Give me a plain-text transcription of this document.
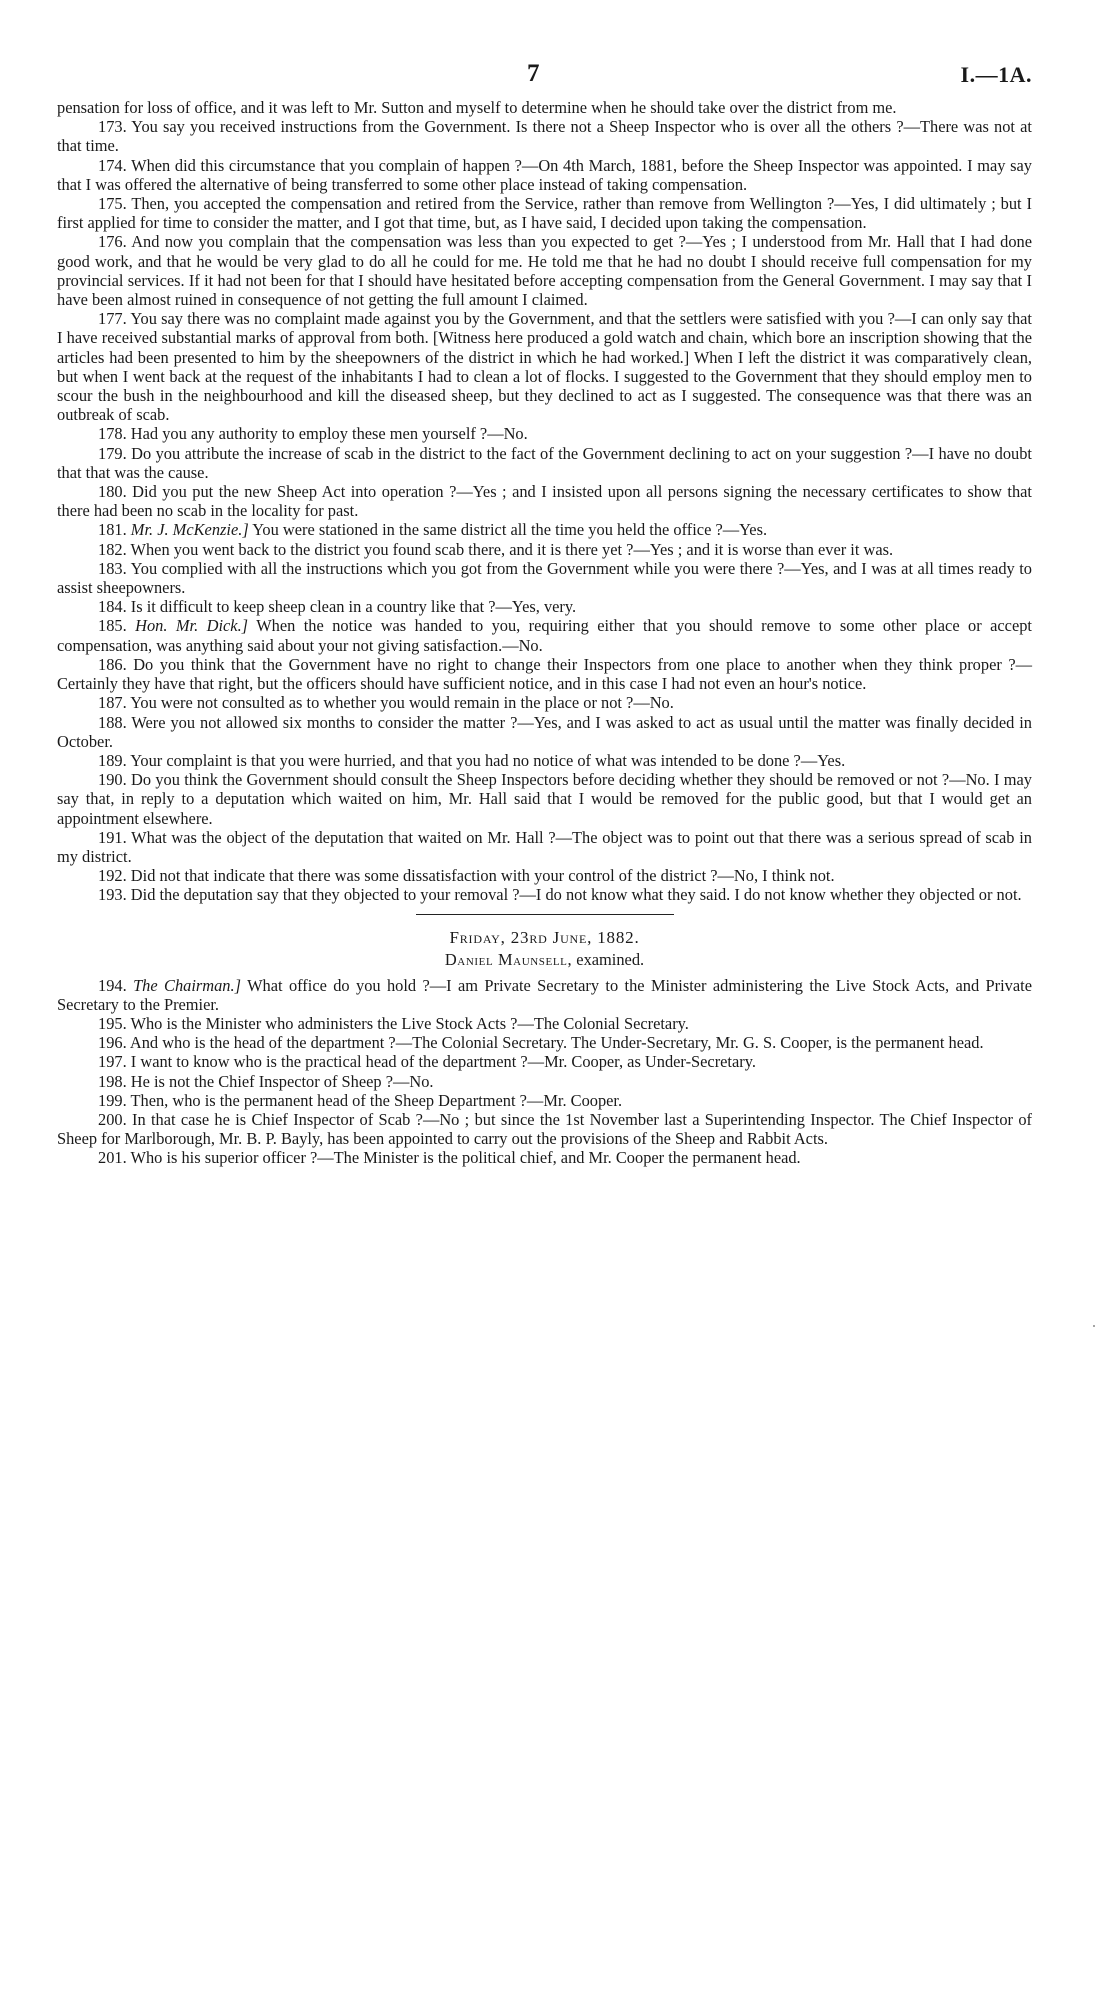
7	I.—1A.

pensation for loss of office, and it was left to Mr. Sutton and myself to determine when he should take over the district from me.

173. You say you received instructions from the Government. Is there not a Sheep Inspector who is over all the others ?—There was not at that time.

174. When did this circumstance that you complain of happen ?—On 4th March, 1881, before the Sheep Inspector was appointed. I may say that I was offered the alternative of being transferred to some other place instead of taking compensation.

175. Then, you accepted the compensation and retired from the Service, rather than remove from Wellington ?—Yes, I did ultimately ; but I first applied for time to consider the matter, and I got that time, but, as I have said, I decided upon taking the compensation.

176. And now you complain that the compensation was less than you expected to get ?—Yes ; I understood from Mr. Hall that I had done good work, and that he would be very glad to do all he could for me. He told me that he had no doubt I should receive full compensation for my provincial services. If it had not been for that I should have hesitated before accepting compensation from the General Government. I may say that I have been almost ruined in consequence of not getting the full amount I claimed.

177. You say there was no complaint made against you by the Government, and that the settlers were satisfied with you ?—I can only say that I have received substantial marks of approval from both. [Witness here produced a gold watch and chain, which bore an inscription showing that the articles had been presented to him by the sheepowners of the district in which he had worked.] When I left the district it was comparatively clean, but when I went back at the request of the inhabitants I had to clean a lot of flocks. I suggested to the Government that they should employ men to scour the bush in the neighbourhood and kill the diseased sheep, but they declined to act as I suggested. The consequence was that there was an outbreak of scab.

178. Had you any authority to employ these men yourself ?—No.

179. Do you attribute the increase of scab in the district to the fact of the Government declining to act on your suggestion ?—I have no doubt that that was the cause.

180. Did you put the new Sheep Act into operation ?—Yes ; and I insisted upon all persons signing the necessary certificates to show that there had been no scab in the locality for past.

181. Mr. J. McKenzie.] You were stationed in the same district all the time you held the office ?—Yes.

182. When you went back to the district you found scab there, and it is there yet ?—Yes ; and it is worse than ever it was.

183. You complied with all the instructions which you got from the Government while you were there ?—Yes, and I was at all times ready to assist sheepowners.

184. Is it difficult to keep sheep clean in a country like that ?—Yes, very.

185. Hon. Mr. Dick.] When the notice was handed to you, requiring either that you should remove to some other place or accept compensation, was anything said about your not giving satisfaction.—No.

186. Do you think that the Government have no right to change their Inspectors from one place to another when they think proper ?—Certainly they have that right, but the officers should have sufficient notice, and in this case I had not even an hour's notice.

187. You were not consulted as to whether you would remain in the place or not ?—No.

188. Were you not allowed six months to consider the matter ?—Yes, and I was asked to act as usual until the matter was finally decided in October.

189. Your complaint is that you were hurried, and that you had no notice of what was intended to be done ?—Yes.

190. Do you think the Government should consult the Sheep Inspectors before deciding whether they should be removed or not ?—No. I may say that, in reply to a deputation which waited on him, Mr. Hall said that I would be removed for the public good, but that I would get an appointment elsewhere.

191. What was the object of the deputation that waited on Mr. Hall ?—The object was to point out that there was a serious spread of scab in my district.

192. Did not that indicate that there was some dissatisfaction with your control of the district ?—No, I think not.

193. Did the deputation say that they objected to your removal ?—I do not know what they said. I do not know whether they objected or not.

Friday, 23rd June, 1882.

Daniel Maunsell, examined.

194. The Chairman.] What office do you hold ?—I am Private Secretary to the Minister administering the Live Stock Acts, and Private Secretary to the Premier.

195. Who is the Minister who administers the Live Stock Acts ?—The Colonial Secretary.

196. And who is the head of the department ?—The Colonial Secretary. The Under-Secretary, Mr. G. S. Cooper, is the permanent head.

197. I want to know who is the practical head of the department ?—Mr. Cooper, as Under-Secretary.

198. He is not the Chief Inspector of Sheep ?—No.

199. Then, who is the permanent head of the Sheep Department ?—Mr. Cooper.

200. In that case he is Chief Inspector of Scab ?—No ; but since the 1st November last a Superintending Inspector. The Chief Inspector of Sheep for Marlborough, Mr. B. P. Bayly, has been appointed to carry out the provisions of the Sheep and Rabbit Acts.

201. Who is his superior officer ?—The Minister is the political chief, and Mr. Cooper the permanent head.
